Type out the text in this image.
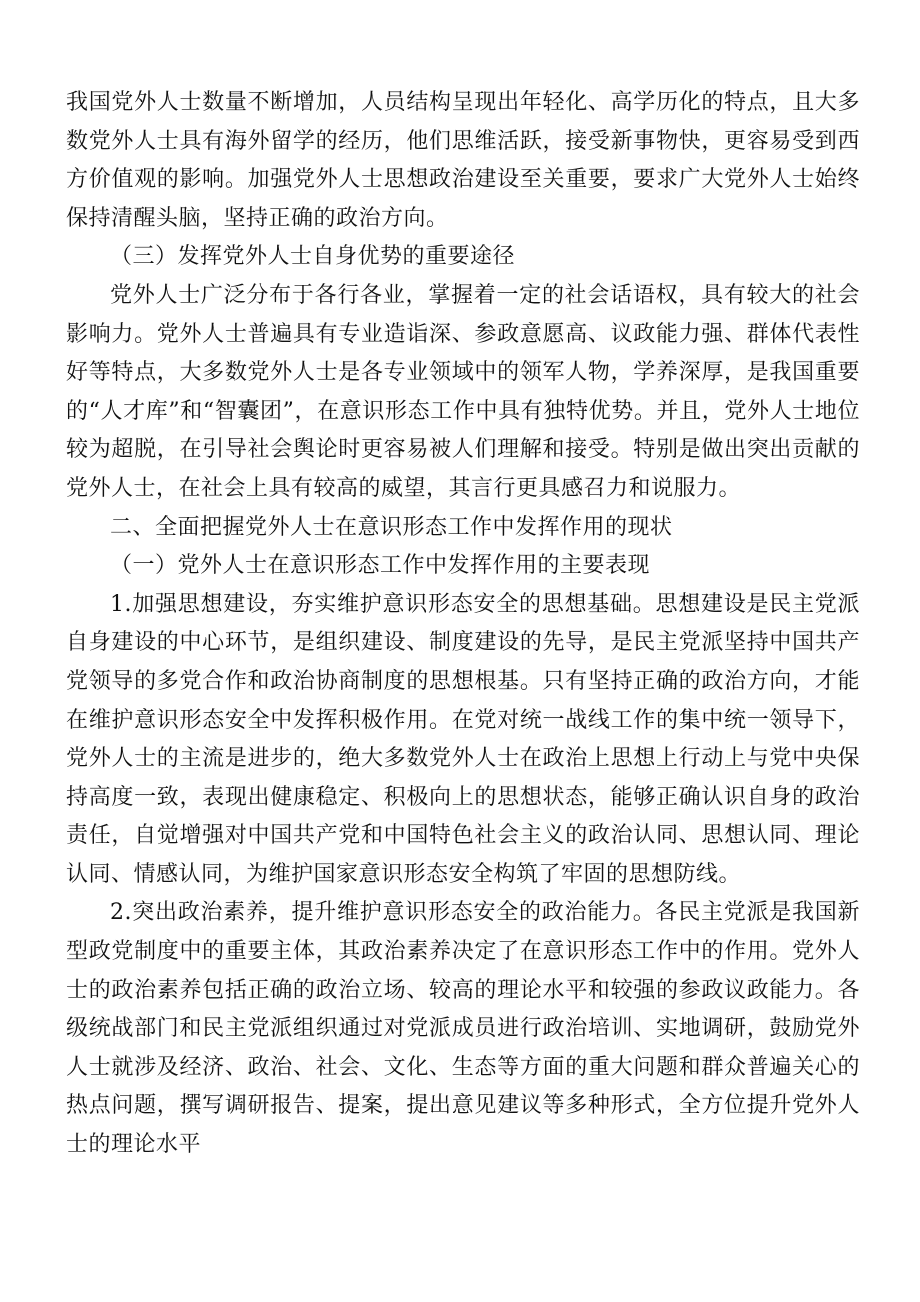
我国党外人士数量不断增加，人员结构呈现出年轻化、高学历化的特点，且大多数党外人士具有海外留学的经历，他们思维活跃，接受新事物快，更容易受到西方价值观的影响。加强党外人士思想政治建设至关重要，要求广大党外人士始终保持清醒头脑，坚持正确的政治方向。

（三）发挥党外人士自身优势的重要途径

党外人士广泛分布于各行各业，掌握着一定的社会话语权，具有较大的社会影响力。党外人士普遍具有专业造诣深、参政意愿高、议政能力强、群体代表性好等特点，大多数党外人士是各专业领域中的领军人物，学养深厚，是我国重要的“人才库”和“智囊团”，在意识形态工作中具有独特优势。并且，党外人士地位较为超脱，在引导社会舆论时更容易被人们理解和接受。特别是做出突出贡献的党外人士，在社会上具有较高的威望，其言行更具感召力和说服力。

二、全面把握党外人士在意识形态工作中发挥作用的现状

（一）党外人士在意识形态工作中发挥作用的主要表现

1.加强思想建设，夯实维护意识形态安全的思想基础。思想建设是民主党派自身建设的中心环节，是组织建设、制度建设的先导，是民主党派坚持中国共产党领导的多党合作和政治协商制度的思想根基。只有坚持正确的政治方向，才能在维护意识形态安全中发挥积极作用。在党对统一战线工作的集中统一领导下，党外人士的主流是进步的，绝大多数党外人士在政治上思想上行动上与党中央保持高度一致，表现出健康稳定、积极向上的思想状态，能够正确认识自身的政治责任，自觉增强对中国共产党和中国特色社会主义的政治认同、思想认同、理论认同、情感认同，为维护国家意识形态安全构筑了牢固的思想防线。

2.突出政治素养，提升维护意识形态安全的政治能力。各民主党派是我国新型政党制度中的重要主体，其政治素养决定了在意识形态工作中的作用。党外人士的政治素养包括正确的政治立场、较高的理论水平和较强的参政议政能力。各级统战部门和民主党派组织通过对党派成员进行政治培训、实地调研，鼓励党外人士就涉及经济、政治、社会、文化、生态等方面的重大问题和群众普遍关心的热点问题，撰写调研报告、提案，提出意见建议等多种形式，全方位提升党外人士的理论水平
